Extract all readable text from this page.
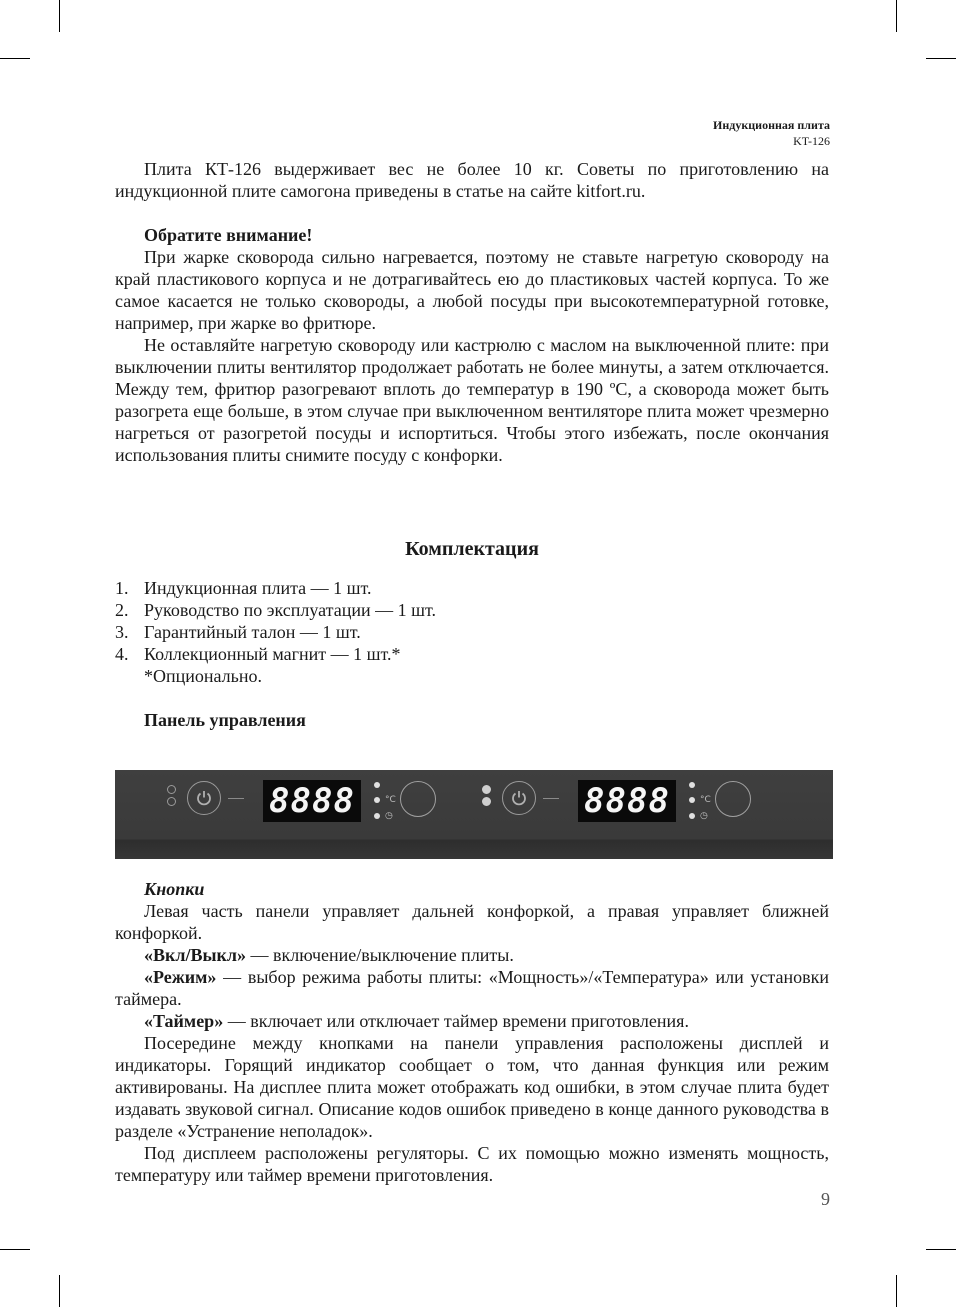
Индукционная плита
KT-126

Плита КТ-126 выдерживает вес не более 10 кг. Советы по приготовлению на индукционной плите самогона приведены в статье на сайте kitfort.ru.

Обратите внимание!

При жарке сковорода сильно нагревается, поэтому не ставьте нагретую сковороду на край пластикового корпуса и не дотрагивайтесь ею до пластиковых частей корпуса. То же самое касается не только сковороды, а любой посуды при высокотемпературной готовке, например, при жарке во фритюре.

Не оставляйте нагретую сковороду или кастрюлю с маслом на выключенной плите: при выключении плиты вентилятор продолжает работать не более минуты, а затем отключается. Между тем, фритюр разогревают вплоть до температур в 190 ºС, а сковорода может быть разогрета еще больше, в этом случае при выключенном вентиляторе плита может чрезмерно нагреться от разогретой посуды и испортиться. Чтобы этого избежать, после окончания использования плиты снимите посуду с конфорки.

Комплектация
1. Индукционная плита — 1 шт.
2. Руководство по эксплуатации — 1 шт.
3. Гарантийный талон — 1 шт.
4. Коллекционный магнит — 1 шт.*
*Опционально.
Панель управления
8888	°C
◷	8888	°C
◷

Кнопки

Левая часть панели управляет дальней конфоркой, а правая управляет ближней конфоркой.

«Вкл/Выкл» — включение/выключение плиты.

«Режим» — выбор режима работы плиты: «Мощность»/«Температура» или установки таймера.

«Таймер» — включает или отключает таймер времени приготовления.

Посередине между кнопками на панели управления расположены дисплей и индикаторы. Горящий индикатор сообщает о том, что данная функция или режим активированы. На дисплее плита может отображать код ошибки, в этом случае плита будет издавать звуковой сигнал. Описание кодов ошибок приведено в конце данного руководства в разделе «Устранение неполадок».

Под дисплеем расположены регуляторы. С их помощью можно изменять мощность, температуру или таймер времени приготовления.

9
